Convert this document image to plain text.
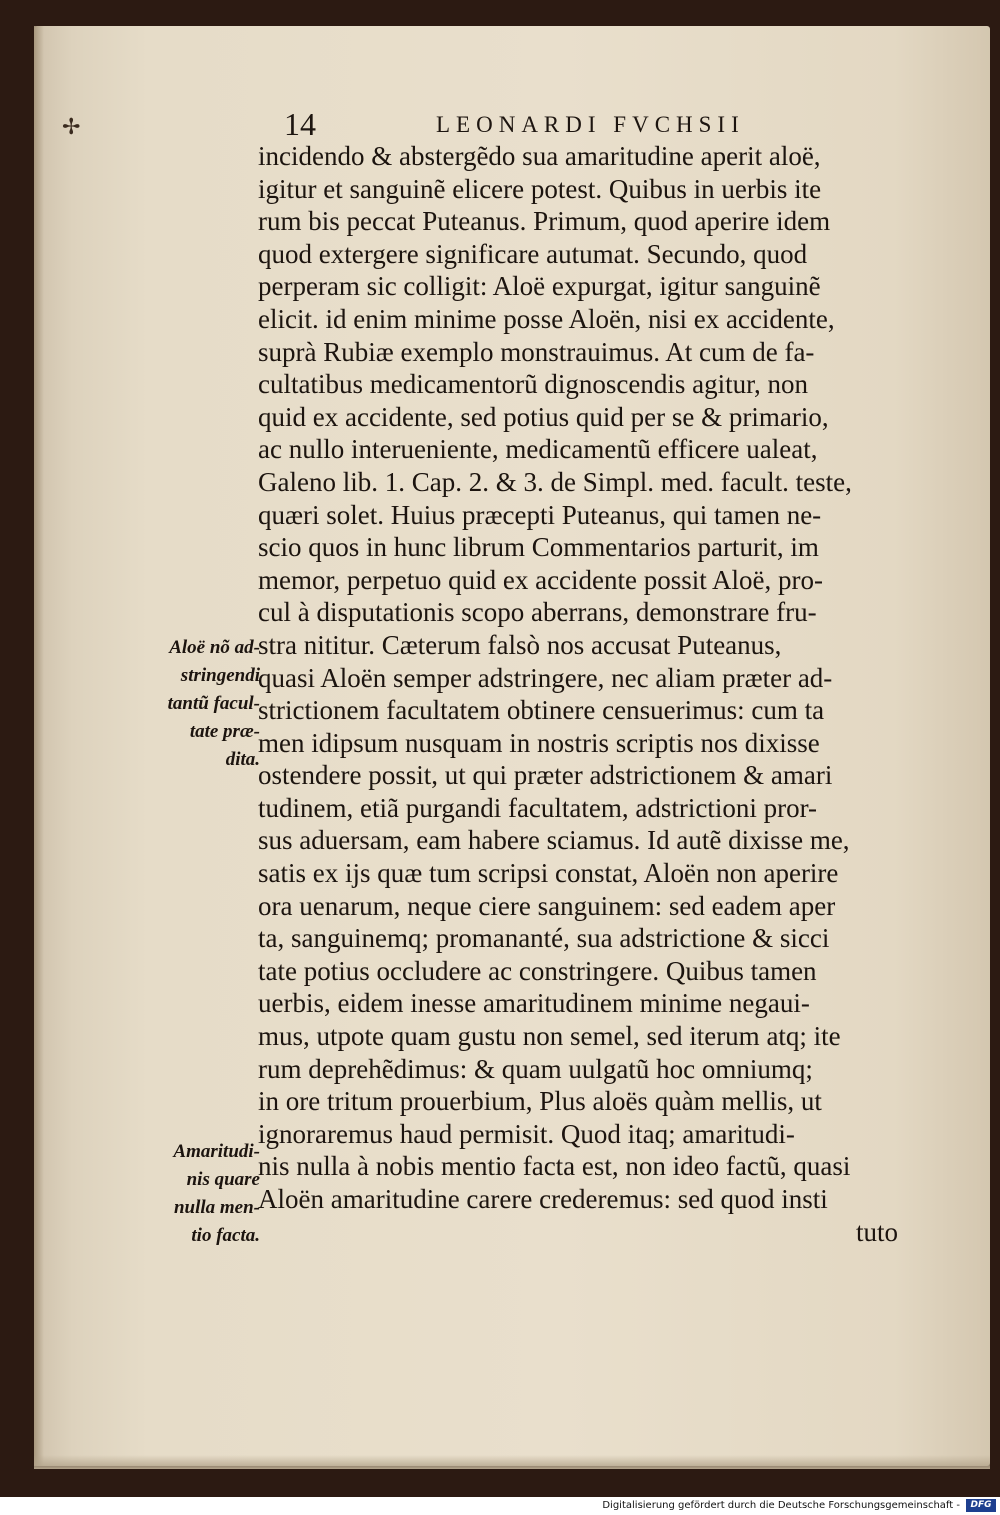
✢	14	LEONARDI FVCHSII
incidendo & abstergẽdo sua amaritudine aperit aloë,
igitur et sanguinẽ elicere potest. Quibus in uerbis ite
rum bis peccat Puteanus. Primum, quod aperire idem
quod extergere significare autumat. Secundo, quod
perperam sic colligit: Aloë expurgat, igitur sanguinẽ
elicit. id enim minime posse Aloën, nisi ex accidente,
suprà Rubiæ exemplo monstrauimus. At cum de fa-
cultatibus medicamentorũ dignoscendis agitur, non
quid ex accidente, sed potius quid per se & primario,
ac nullo interueniente, medicamentũ efficere ualeat,
Galeno lib. 1. Cap. 2. & 3. de Simpl. med. facult. teste,
quæri solet. Huius præcepti Puteanus, qui tamen ne-
scio quos in hunc librum Commentarios parturit, im
memor, perpetuo quid ex accidente possit Aloë, pro-
cul à disputationis scopo aberrans, demonstrare fru-
stra nititur. Cæterum falsò nos accusat Puteanus,
quasi Aloën semper adstringere, nec aliam præter ad-
strictionem facultatem obtinere censuerimus: cum ta
men idipsum nusquam in nostris scriptis nos dixisse
ostendere possit, ut qui præter adstrictionem & amari
tudinem, etiã purgandi facultatem, adstrictioni pror-
sus aduersam, eam habere sciamus. Id autẽ dixisse me,
satis ex ijs quæ tum scripsi constat, Aloën non aperire
ora uenarum, neque ciere sanguinem: sed eadem aper
ta, sanguinemq; promananté, sua adstrictione & sicci
tate potius occludere ac constringere. Quibus tamen
uerbis, eidem inesse amaritudinem minime negaui-
mus, utpote quam gustu non semel, sed iterum atq; ite
rum deprehẽdimus: & quam uulgatũ hoc omniumq;
in ore tritum prouerbium, Plus aloës quàm mellis, ut
ignoraremus haud permisit. Quod itaq; amaritudi-
nis nulla à nobis mentio facta est, non ideo factũ, quasi
Aloën amaritudine carere crederemus: sed quod insti
tuto
Aloë nõ ad-
stringendi
tantũ facul-
tate præ-
dita.
Amaritudi-
nis quare
nulla men-
tio facta.
Digitalisierung gefördert durch die Deutsche Forschungsgemeinschaft -	DFG
